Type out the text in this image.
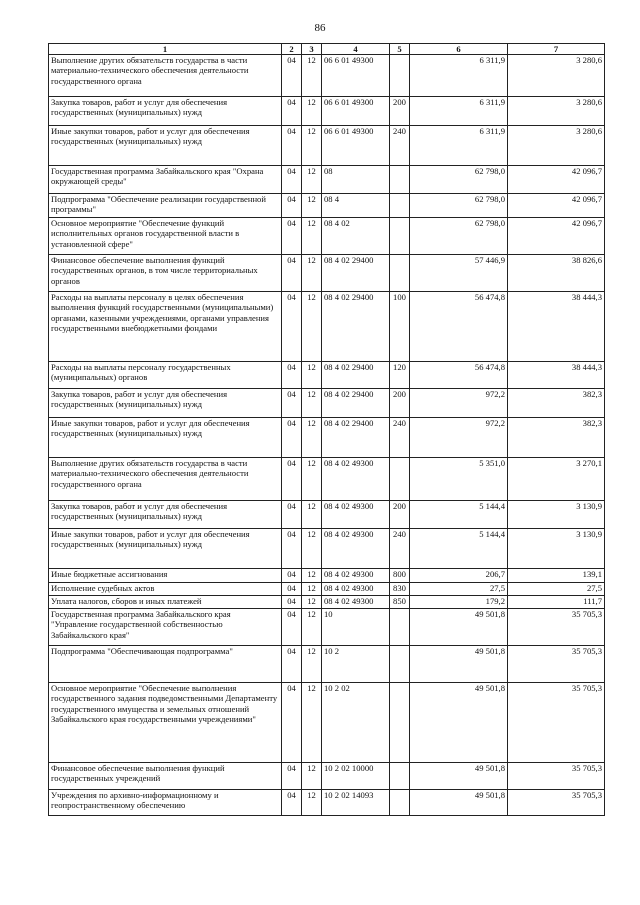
86
1	2	3	4	5	6	7
Выполнение других обязательств государства в части материально-технического обеспечения деятельности государственного органа	04	12	06 6 01 49300		6 311,9	3 280,6
Закупка товаров, работ и услуг для обеспечения государственных (муниципальных) нужд	04	12	06 6 01 49300	200	6 311,9	3 280,6
Иные закупки товаров, работ и услуг для обеспечения государственных (муниципальных) нужд	04	12	06 6 01 49300	240	6 311,9	3 280,6
Государственная программа Забайкальского края "Охрана окружающей среды"	04	12	08		62 798,0	42 096,7
Подпрограмма "Обеспечение реализации государственной программы"	04	12	08 4		62 798,0	42 096,7
Основное мероприятие "Обеспечение функций исполнительных органов государственной власти в установленной сфере"	04	12	08 4 02		62 798,0	42 096,7
Финансовое обеспечение выполнения функций государственных органов, в том числе территориальных органов	04	12	08 4 02 29400		57 446,9	38 826,6
Расходы на выплаты персоналу в целях обеспечения выполнения функций государственными (муниципальными) органами, казенными учреждениями, органами управления государственными внебюджетными фондами	04	12	08 4 02 29400	100	56 474,8	38 444,3
Расходы на выплаты персоналу государственных (муниципальных) органов	04	12	08 4 02 29400	120	56 474,8	38 444,3
Закупка товаров, работ и услуг для обеспечения государственных (муниципальных) нужд	04	12	08 4 02 29400	200	972,2	382,3
Иные закупки товаров, работ и услуг для обеспечения государственных (муниципальных) нужд	04	12	08 4 02 29400	240	972,2	382,3
Выполнение других обязательств государства в части материально-технического обеспечения деятельности государственного органа	04	12	08 4 02 49300		5 351,0	3 270,1
Закупка товаров, работ и услуг для обеспечения государственных (муниципальных) нужд	04	12	08 4 02 49300	200	5 144,4	3 130,9
Иные закупки товаров, работ и услуг для обеспечения государственных (муниципальных) нужд	04	12	08 4 02 49300	240	5 144,4	3 130,9
Иные бюджетные ассигнования	04	12	08 4 02 49300	800	206,7	139,1
Исполнение судебных актов	04	12	08 4 02 49300	830	27,5	27,5
Уплата налогов, сборов и иных платежей	04	12	08 4 02 49300	850	179,2	111,7
Государственная программа Забайкальского края "Управление государственной собственностью Забайкальского края"	04	12	10		49 501,8	35 705,3
Подпрограмма "Обеспечивающая подпрограмма"	04	12	10 2		49 501,8	35 705,3
Основное мероприятие "Обеспечение выполнения государственного задания подведомственными Департаменту государственного имущества и земельных отношений Забайкальского края государственными учреждениями"	04	12	10 2 02		49 501,8	35 705,3
Финансовое обеспечение выполнения функций государственных учреждений	04	12	10 2 02 10000		49 501,8	35 705,3
Учреждения по архивно-информационному и геопространственному обеспечению	04	12	10 2 02 14093		49 501,8	35 705,3
